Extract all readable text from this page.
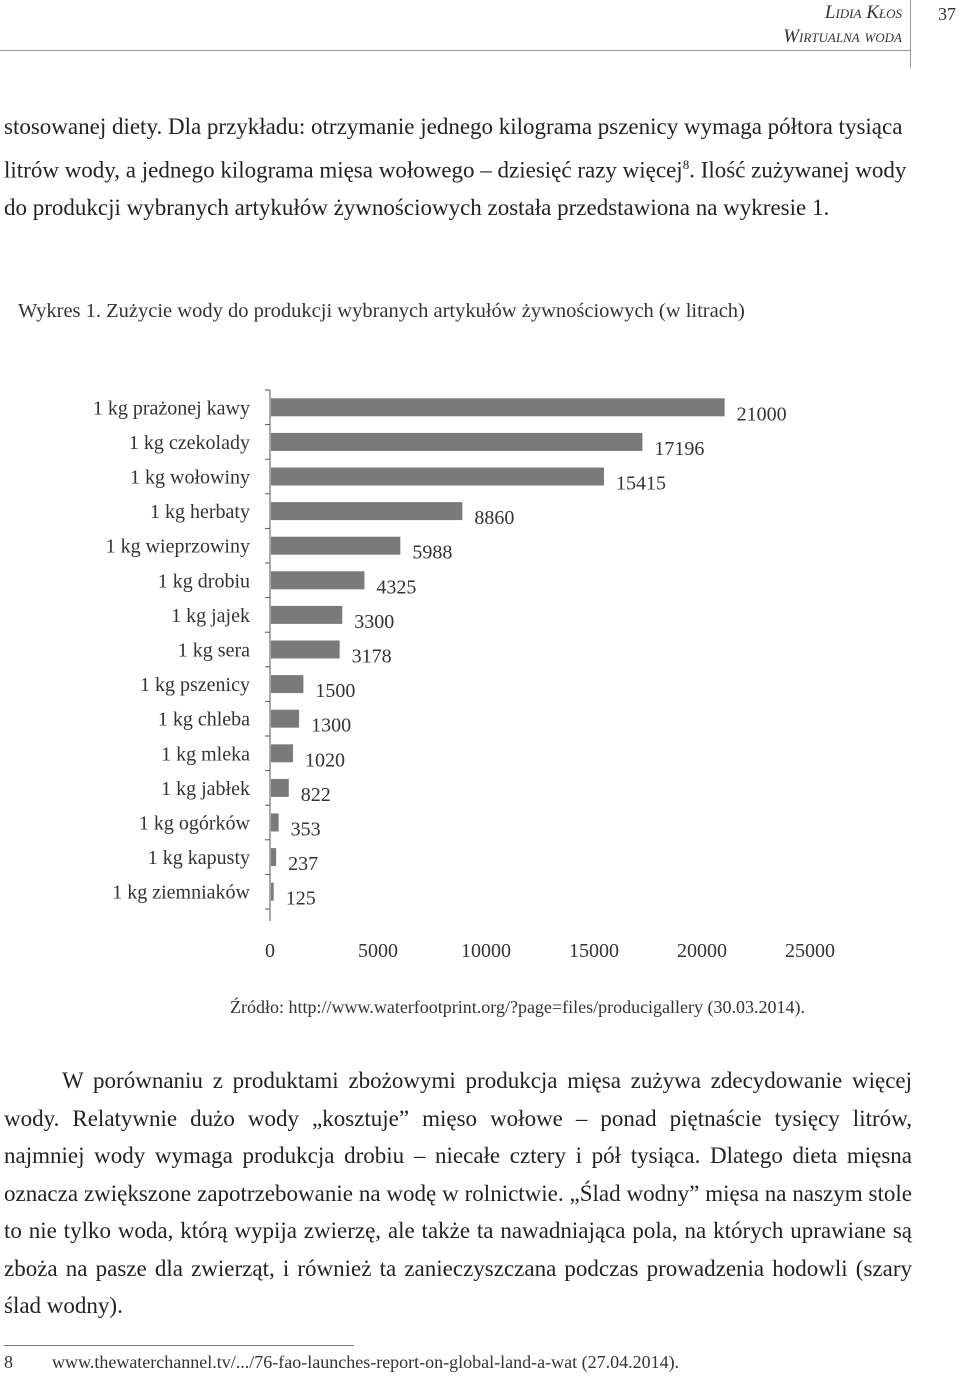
Lidia Kłos
Wirtualna woda
37

stosowanej diety. Dla przykładu: otrzymanie jednego kilograma pszenicy wymaga półtora tysiąca litrów wody, a jednego kilograma mięsa wołowego – dziesięć razy więcej$^8$. Ilość zużywanej wody do produkcji wybranych artykułów żywnościowych została przedstawiona na wykresie 1.

Wykres 1. Zużycie wody do produkcji wybranych artykułów żywnościowych (w litrach)
1 kg prażonej kawy	21000
1 kg czekolady	17196
1 kg wołowiny	15415
1 kg herbaty	8860
1 kg wieprzowiny	5988
1 kg drobiu	4325
1 kg jajek	3300
1 kg sera	3178
1 kg pszenicy	1500
1 kg chleba	1300
1 kg mleka	1020
1 kg jabłek	822
1 kg ogórków 353
1 kg kapusty 237
1 kg ziemniaków 125
0	5000	10000	15000	20000	25000
Źródło: http://www.waterfootprint.org/?page=files/producigallery (30.03.2014).

W porównaniu z produktami zbożowymi produkcja mięsa zużywa zdecydowanie więcej wody. Relatywnie dużo wody „kosztuje” mięso wołowe – ponad piętnaście tysięcy litrów, najmniej wody wymaga produkcja drobiu – niecałe cztery i pół tysiąca. Dlatego dieta mięsna oznacza zwiększone zapotrzebowanie na wodę w rolnictwie. „Ślad wodny” mięsa na naszym stole to nie tylko woda, którą wypija zwierzę, ale także ta nawadniająca pola, na których uprawiane są zboża na pasze dla zwierząt, i również ta zanieczyszczana podczas prowadzenia hodowli (szary ślad wodny).

8 www.thewaterchannel.tv/.../76-fao-launches-report-on-global-land-a-wat (27.04.2014).
